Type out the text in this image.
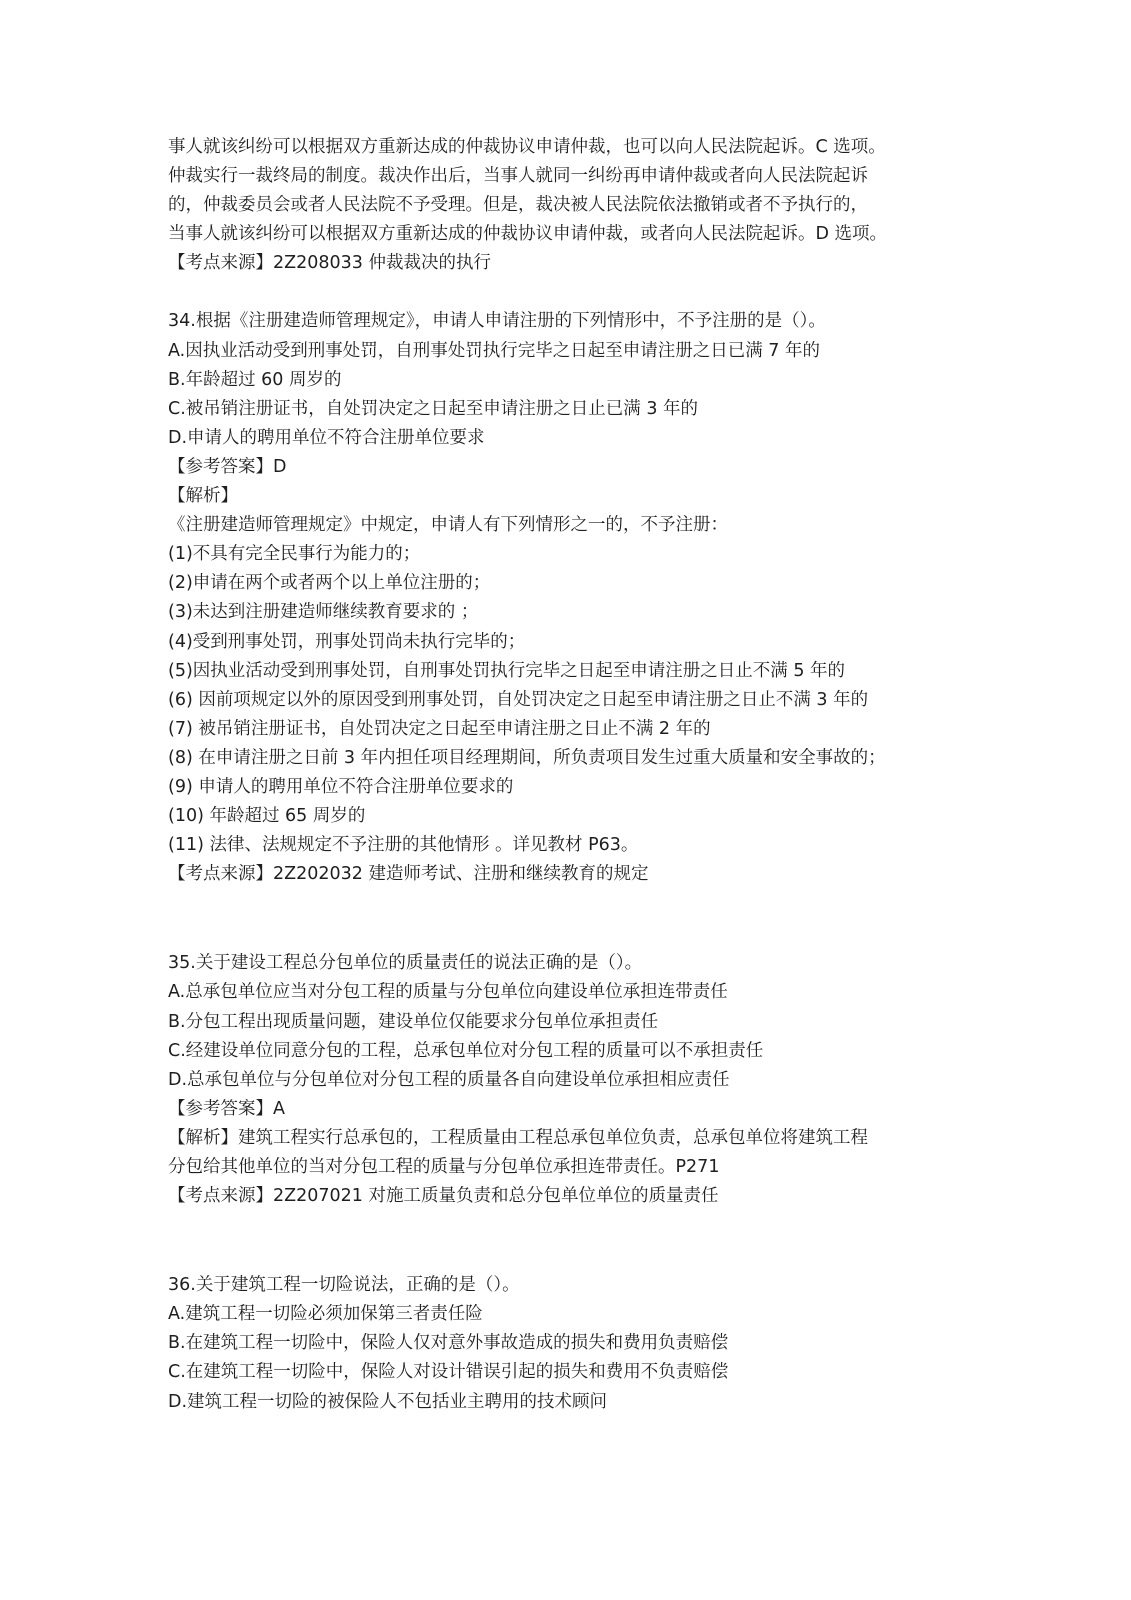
事人就该纠纷可以根据双方重新达成的仲裁协议申请仲裁，也可以向人民法院起诉。C 选项。
仲裁实行一裁终局的制度。裁决作出后，当事人就同一纠纷再申请仲裁或者向人民法院起诉
的，仲裁委员会或者人民法院不予受理。但是，裁决被人民法院依法撤销或者不予执行的，
当事人就该纠纷可以根据双方重新达成的仲裁协议申请仲裁，或者向人民法院起诉。D 选项。
【考点来源】2Z208033 仲裁裁决的执行
34.根据《注册建造师管理规定》，申请人申请注册的下列情形中，不予注册的是（）。
A.因执业活动受到刑事处罚，自刑事处罚执行完毕之日起至申请注册之日已满 7 年的
B.年龄超过 60 周岁的
C.被吊销注册证书，自处罚决定之日起至申请注册之日止已满 3 年的
D.申请人的聘用单位不符合注册单位要求
【参考答案】D
【解析】
《注册建造师管理规定》中规定，申请人有下列情形之一的，不予注册：
(1)不具有完全民事行为能力的；
(2)申请在两个或者两个以上单位注册的；
(3)未达到注册建造师继续教育要求的 ；
(4)受到刑事处罚，刑事处罚尚未执行完毕的；
(5)因执业活动受到刑事处罚，自刑事处罚执行完毕之日起至申请注册之日止不满 5 年的
(6) 因前项规定以外的原因受到刑事处罚，自处罚决定之日起至申请注册之日止不满 3 年的
(7) 被吊销注册证书，自处罚决定之日起至申请注册之日止不满 2 年的
(8) 在申请注册之日前 3 年内担任项目经理期间，所负责项目发生过重大质量和安全事故的；
(9) 申请人的聘用单位不符合注册单位要求的
(10) 年龄超过 65 周岁的
(11) 法律、法规规定不予注册的其他情形 。详见教材 P63。
【考点来源】2Z202032 建造师考试、注册和继续教育的规定
35.关于建设工程总分包单位的质量责任的说法正确的是（）。
A.总承包单位应当对分包工程的质量与分包单位向建设单位承担连带责任
B.分包工程出现质量问题，建设单位仅能要求分包单位承担责任
C.经建设单位同意分包的工程，总承包单位对分包工程的质量可以不承担责任
D.总承包单位与分包单位对分包工程的质量各自向建设单位承担相应责任
【参考答案】A
【解析】建筑工程实行总承包的，工程质量由工程总承包单位负责，总承包单位将建筑工程
分包给其他单位的当对分包工程的质量与分包单位承担连带责任。P271
【考点来源】2Z207021 对施工质量负责和总分包单位单位的质量责任
36.关于建筑工程一切险说法，正确的是（）。
A.建筑工程一切险必须加保第三者责任险
B.在建筑工程一切险中，保险人仅对意外事故造成的损失和费用负责赔偿
C.在建筑工程一切险中，保险人对设计错误引起的损失和费用不负责赔偿
D.建筑工程一切险的被保险人不包括业主聘用的技术顾问
